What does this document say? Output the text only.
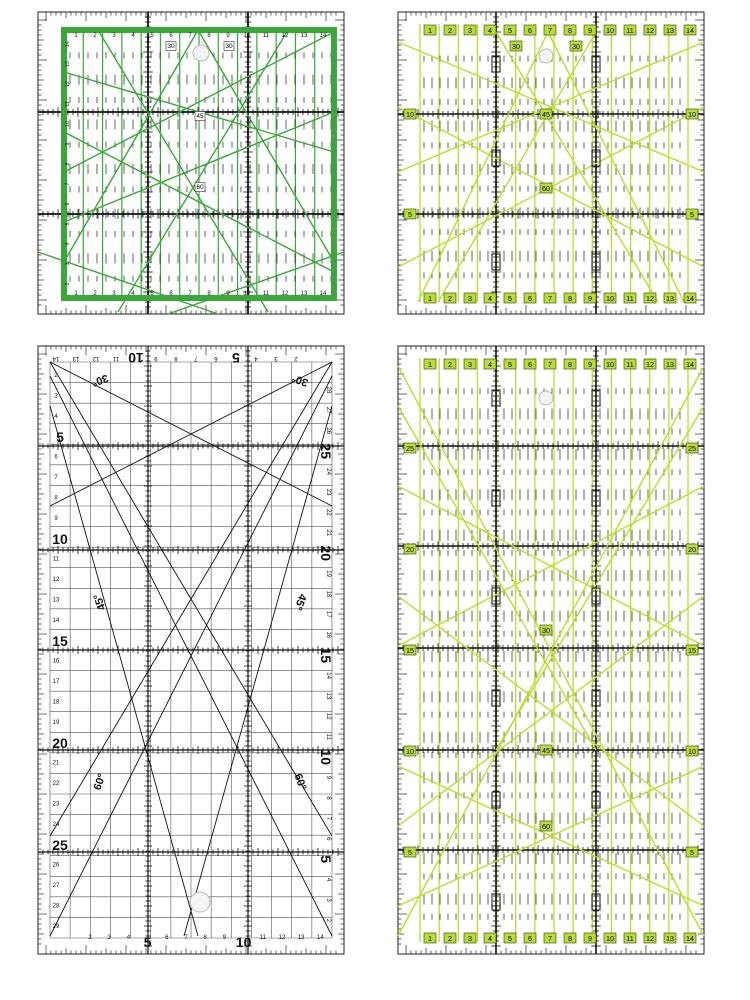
1	2	3	4	5	6	7	8	9 10 11 12 13 14
1	2	3	4	5	6	7	8	9 10 11 12 13 14
2
3
4
5
6
7
8
9
10
11
12
13
14	30	30
45
60
1 2 3 4 5 6 7 8 9 10 11 12 13 14
1 2 3 4 5 6 7 8 9 10 11 12 13 14
10	10
5	5
30	30
45
60
14 13 12 11 10 9	8	7	6 5 4	3	2
2	3	4 5 6	7	8	9 10 11 12 13 14
2
3
4
5
6
7
8
9
10
11
12
13
14
15
16
17
18
19
20
21
22
23
24
25
26
27
28
29
28
27
26
25
24
23
22
21
20
19
18
17
16
15
14
13
12
11
10
9
8
7
6
5
4
3
2
30°	30°
45°	45°
60°	60°
1 2 3 4 5 6 7 8 9 10 11 12 13 14
1 2 3 4 5 6 7 8 9 10 11 12 13 14
25	25
20	20
15	15
10	10
5	5
30
45
60
